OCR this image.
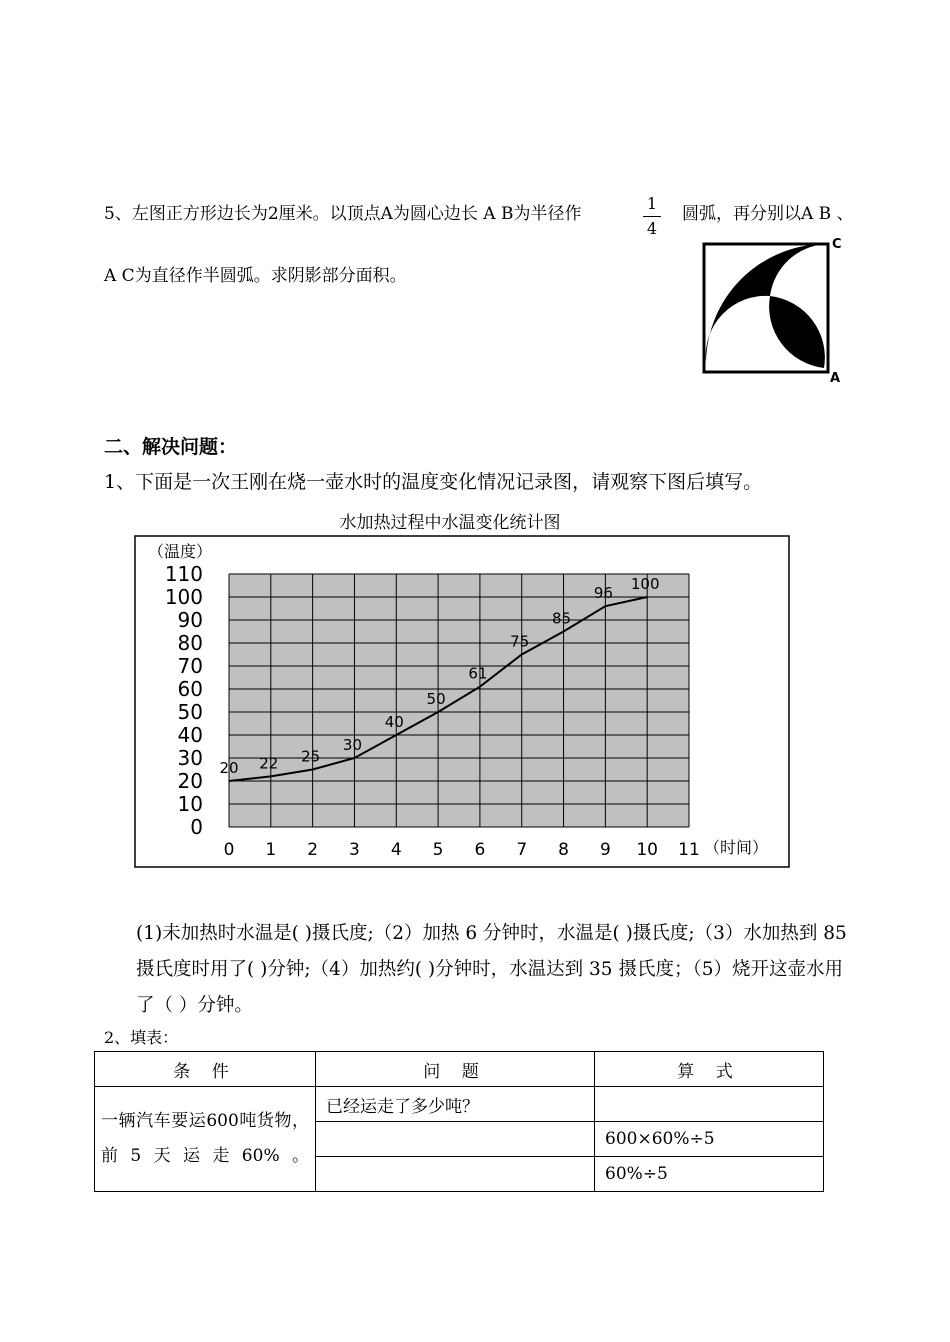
5、左图正方形边长为2厘米。以顶点A为圆心边长 A B为半径作
1
4
圆弧，再分别以A B 、
A C为直径作半圆弧。求阴影部分面积。
C
A
二、解决问题：
1、下面是一次王刚在烧一壶水时的温度变化情况记录图，请观察下图后填写。
水加热过程中水温变化统计图
0
10
20
30
40
50
60
70
80
90
100
110
0 1 2 3 4 5 6 7 8 9 10 11
20 22 25
30
40
50
61
75
85
96
100
（温度）
（时间）
(1)未加热时水温是( )摄氏度;（2）加热 6 分钟时，水温是( )摄氏度;（3）水加热到 85 摄氏度时用了( )分钟;（4）加热约( )分钟时，水温达到 35 摄氏度；（5）烧开这壶水用了（ ）分钟。
2、填表：
条 件	问 题	算 式
一辆汽车要运600吨货物，前5天运走60%。	已经运走了多少吨？	
		600×60%÷5
		60%÷5
